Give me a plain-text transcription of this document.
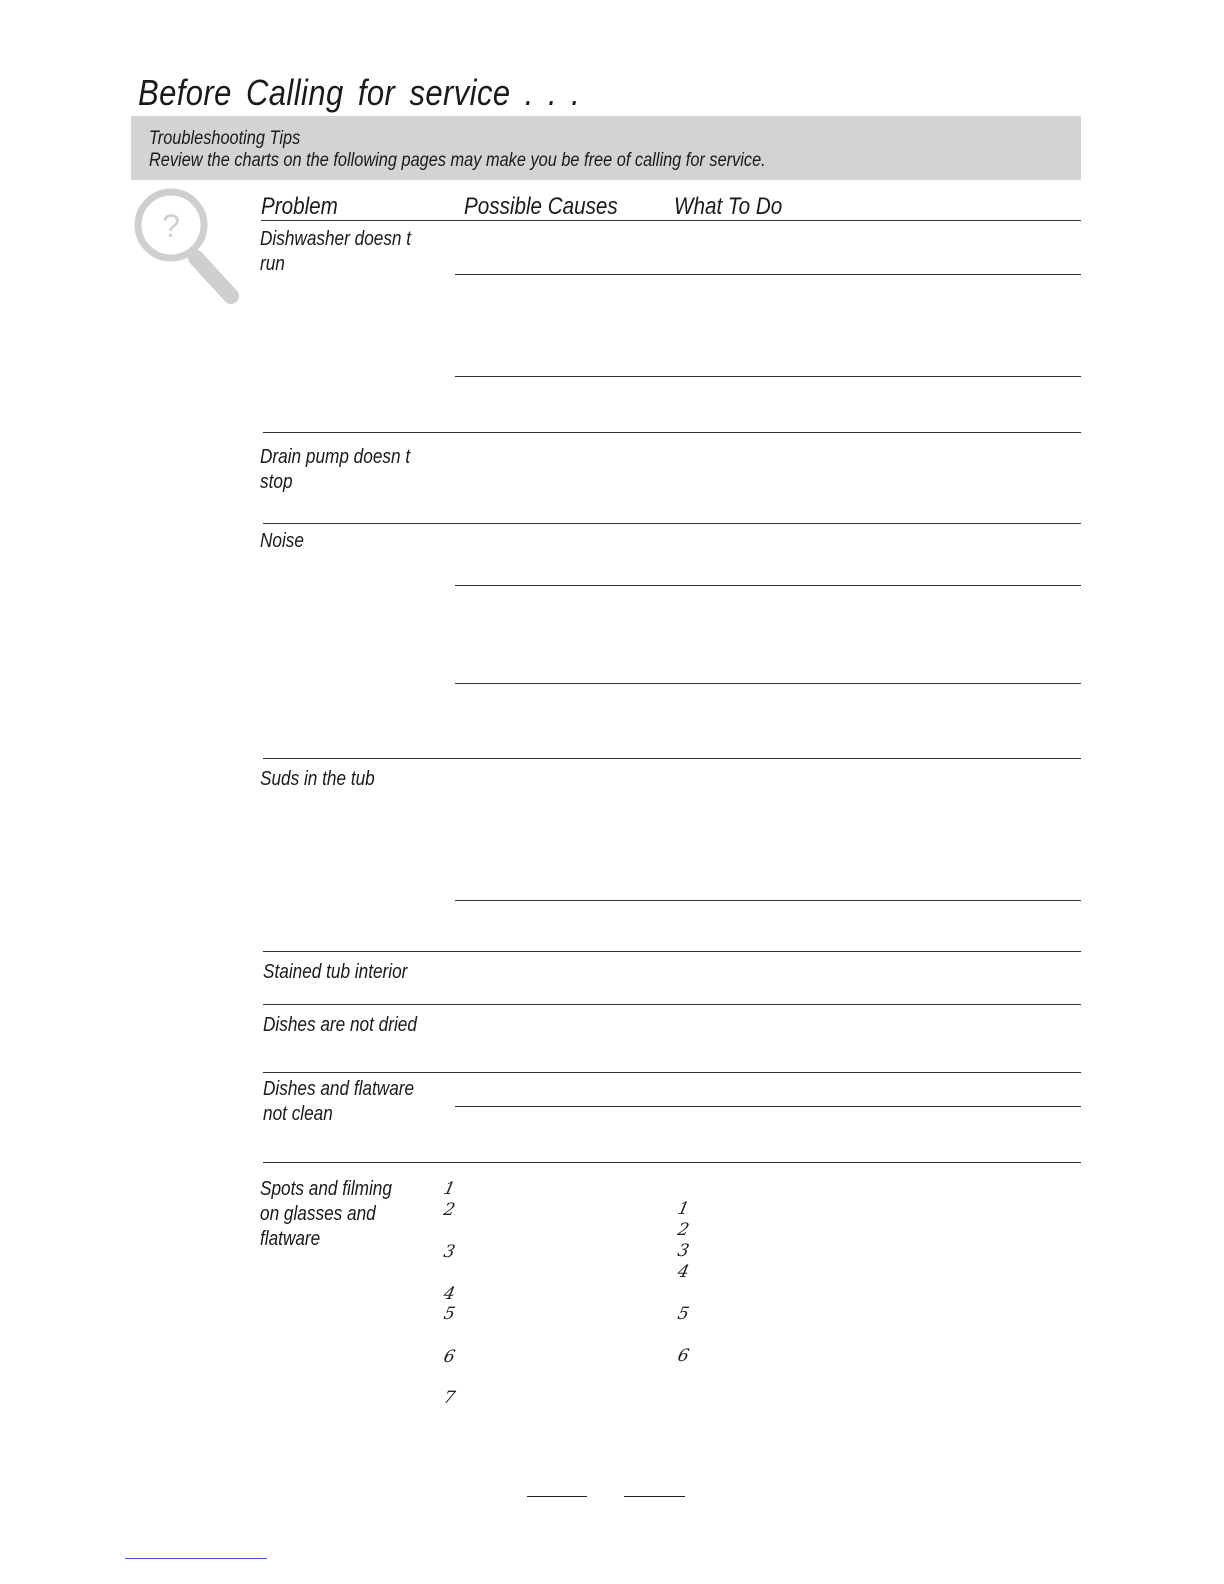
Before Calling for service . . .
Troubleshooting Tips
Review the charts on the following pages may make you be free of calling for service.
?
Problem	Possible Causes What To Do
Dishwasher doesn t
run
Drain pump doesn t
stop
Noise
Suds in the tub
Stained tub interior
Dishes are not dried
Dishes and flatware
not clean
Spots and filming
on glasses and
flatware
1
2
3
4
5
6
7
1
2
3
4
5
6
